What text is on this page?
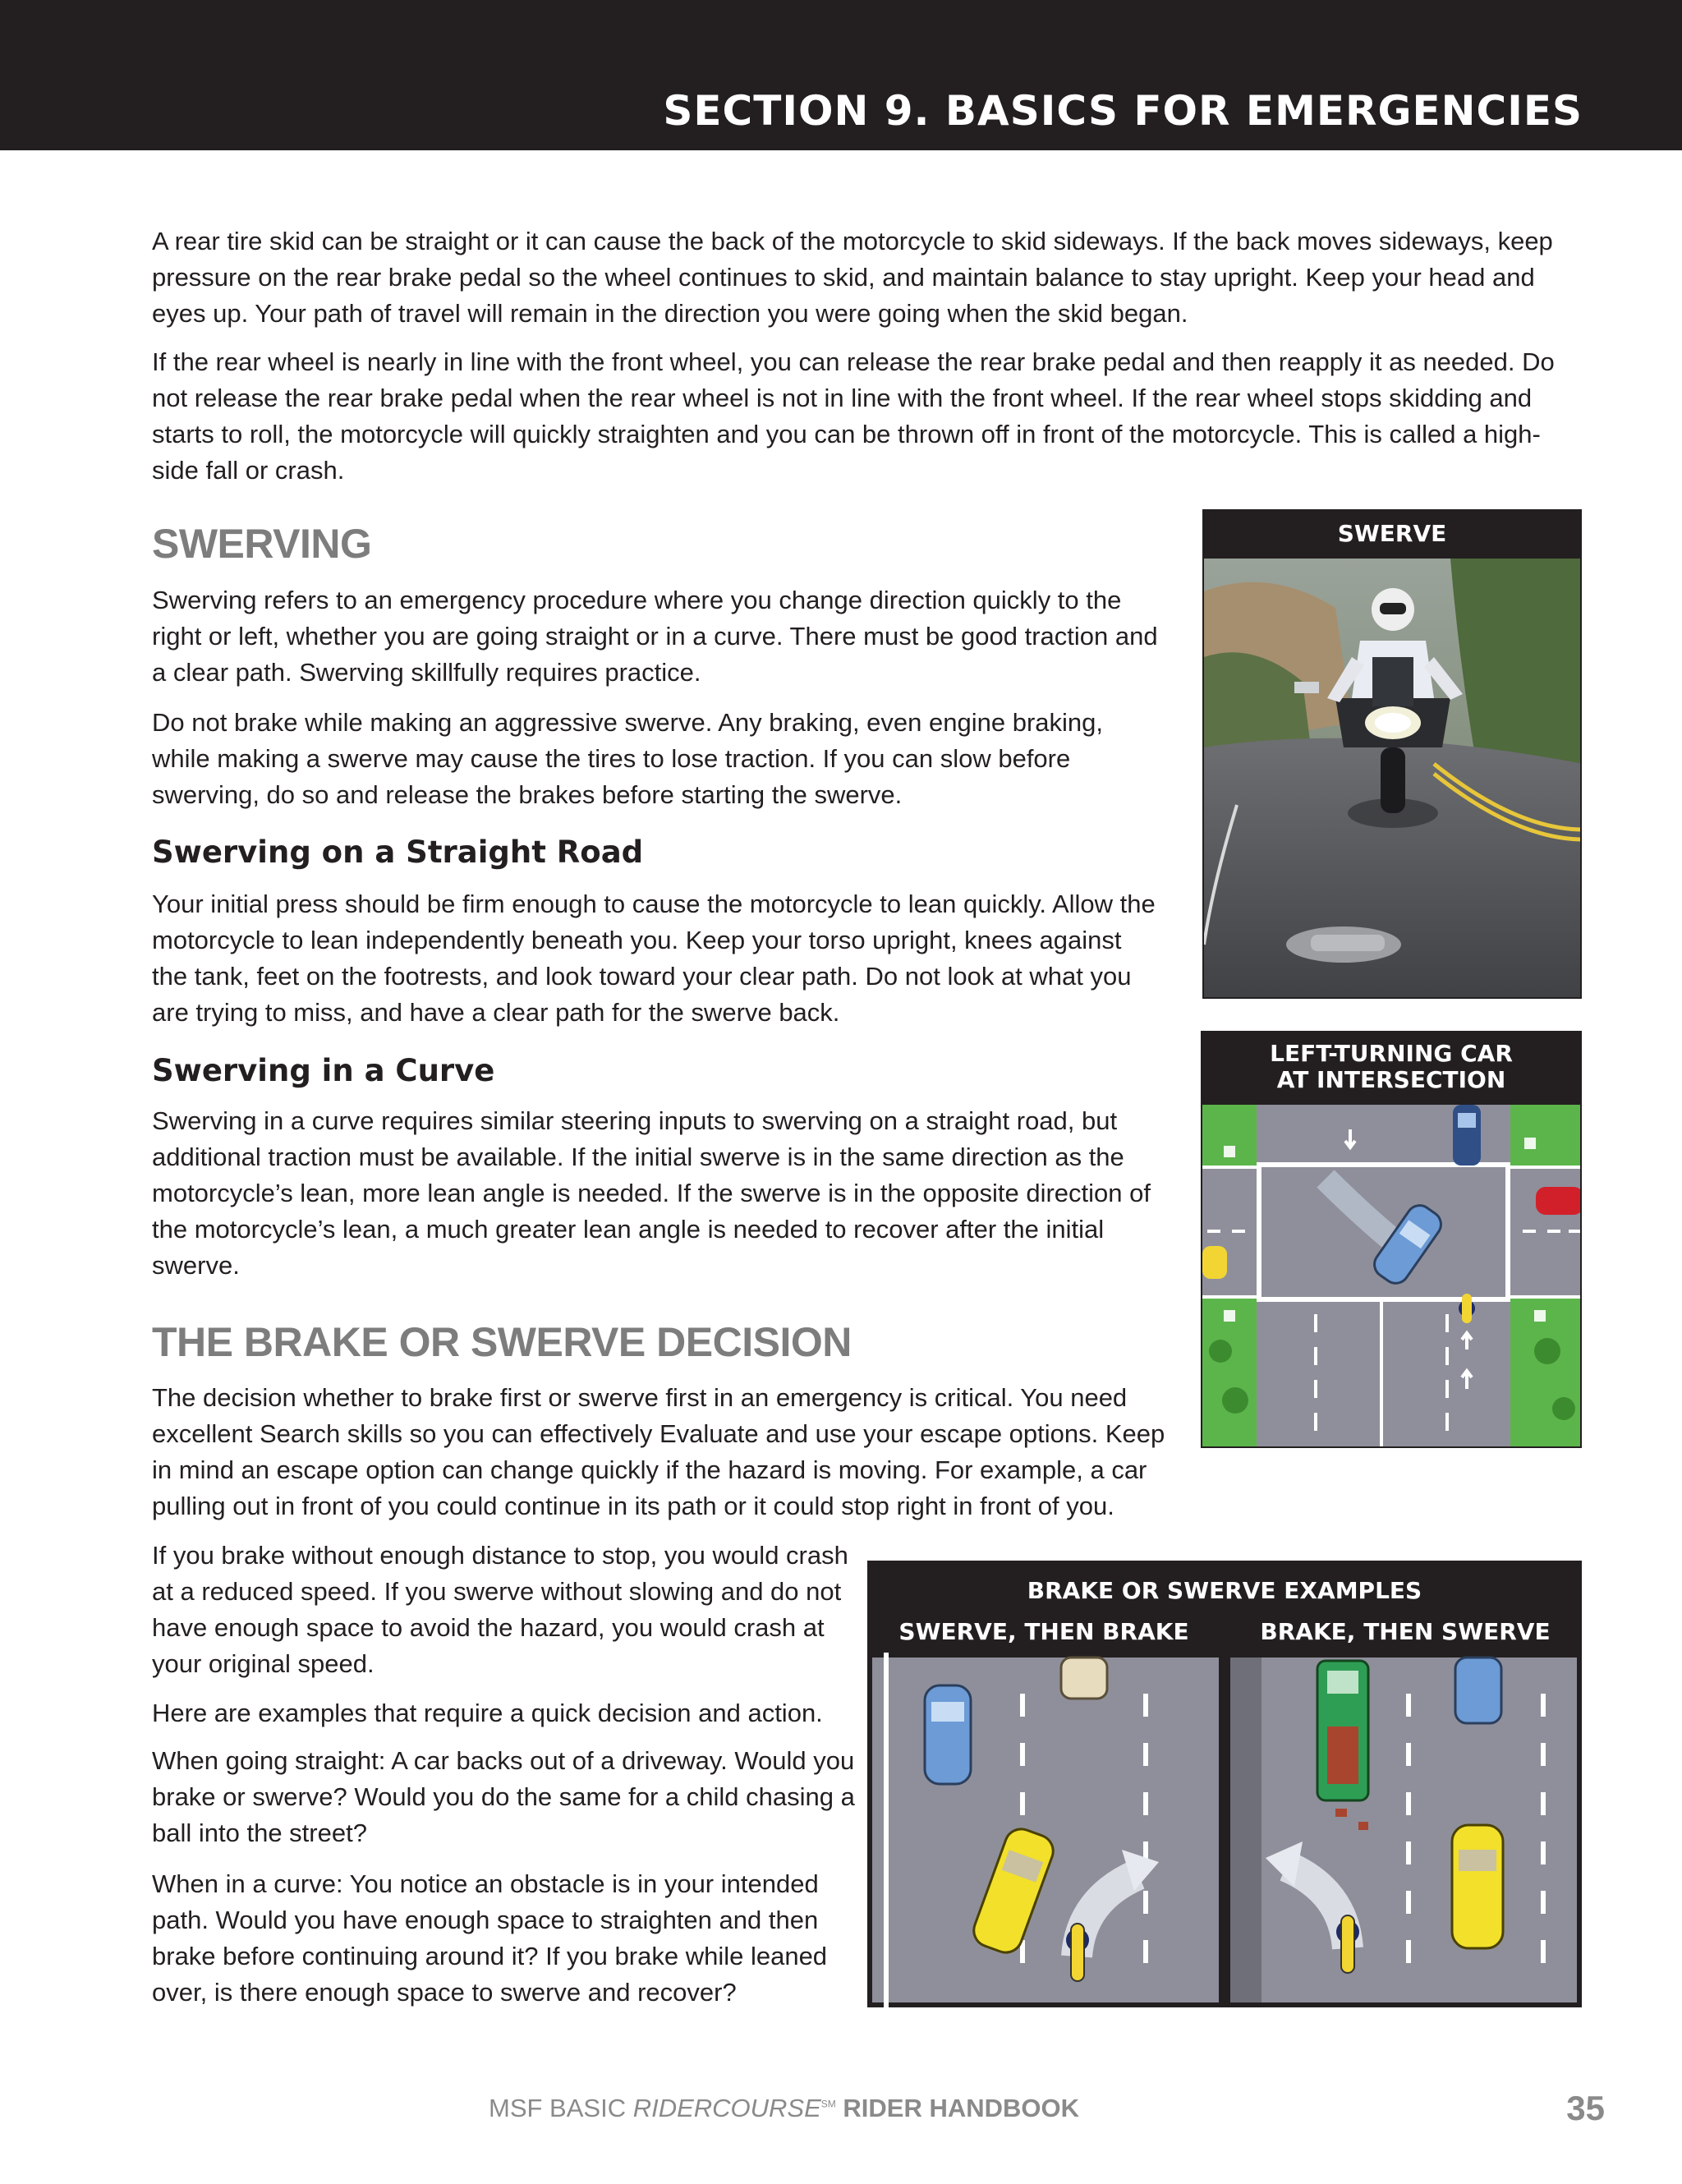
SECTION 9. BASICS FOR EMERGENCIES

A rear tire skid can be straight or it can cause the back of the motorcycle to skid sideways. If the back moves sideways, keep pressure on the rear brake pedal so the wheel continues to skid, and maintain balance to stay upright. Keep your head and eyes up. Your path of travel will remain in the direction you were going when the skid began.

If the rear wheel is nearly in line with the front wheel, you can release the rear brake pedal and then reapply it as needed. Do not release the rear brake pedal when the rear wheel is not in line with the front wheel. If the rear wheel stops skidding and starts to roll, the motorcycle will quickly straighten and you can be thrown off in front of the motorcycle. This is called a high-side fall or crash.

SWERVING

Swerving refers to an emergency procedure where you change direction quickly to the right or left, whether you are going straight or in a curve. There must be good traction and a clear path. Swerving skillfully requires practice.

Do not brake while making an aggressive swerve. Any braking, even engine braking, while making a swerve may cause the tires to lose traction. If you can slow before swerving, do so and release the brakes before starting the swerve.

Swerving on a Straight Road

Your initial press should be firm enough to cause the motorcycle to lean quickly. Allow the motorcycle to lean independently beneath you. Keep your torso upright, knees against the tank, feet on the footrests, and look toward your clear path. Do not look at what you are trying to miss, and have a clear path for the swerve back.

Swerving in a Curve

Swerving in a curve requires similar steering inputs to swerving on a straight road, but additional traction must be available. If the initial swerve is in the same direction as the motorcycle’s lean, more lean angle is needed. If the swerve is in the opposite direction of the motorcycle’s lean, a much greater lean angle is needed to recover after the initial swerve.

THE BRAKE OR SWERVE DECISION

The decision whether to brake first or swerve first in an emergency is critical. You need excellent Search skills so you can effectively Evaluate and use your escape options. Keep in mind an escape option can change quickly if the hazard is moving. For example, a car pulling out in front of you could continue in its path or it could stop right in front of you.

If you brake without enough distance to stop, you would crash at a reduced speed. If you swerve without slowing and do not have enough space to avoid the hazard, you would crash at your original speed.

Here are examples that require a quick decision and action.

When going straight: A car backs out of a driveway. Would you brake or swerve? Would you do the same for a child chasing a ball into the street?

When in a curve: You notice an obstacle is in your intended path. Would you have enough space to straighten and then brake before continuing around it? If you brake while leaned over, is there enough space to swerve and recover?

SWERVE
LEFT-TURNING CAR
AT INTERSECTION
BRAKE OR SWERVE EXAMPLES
SWERVE, THEN BRAKE	BRAKE, THEN SWERVE
MSF BASIC RIDERCOURSE℠ RIDER HANDBOOK	35
